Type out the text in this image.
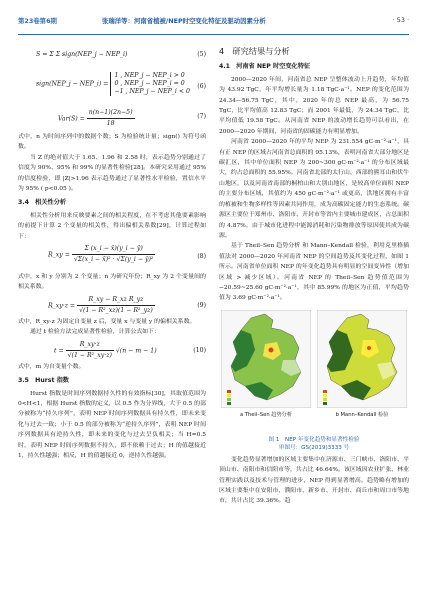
第23卷第6期	张瑞洋等：河南省植被/NEP时空变化特征及驱动因素分析	· 53 ·
S = Σ Σ sign(NEP_j − NEP_i)	(5)
sign(NEP_j − NEP_i) =
1 , NEP_j − NEP_i > 0
0 , NEP_j − NEP_i = 0
−1 , NEP_j − NEP_i < 0
(6)
$Var(S) = \frac{n(n-1)(2n-5)}{18}$	(7)

式中，n 为时间序列中的数据个数；S 为检验统计量；sign() 为符号函数。

当 Z 的绝对值大于 1.65、1.96 和 2.58 时，表示趋势分别通过了信度为 90%、95% 和 99% 的显著性检验[28]。本研究采用通过 95% 的信度检验，即 |Z|>1.96 表示趋势通过了显著性水平检验，置信水平为 95% ( p<0.05 )。

3.4　相关性分析

相关性分析用来反映要素之间的相关程度，在不考虑其他要素影响的前提下计算 2 个变量的相关性，得出偏相关系数[29]，计算过程如下：

R_xy = $\frac{\Sigma (x\_i - x̄)(y\_i - ȳ)}{\text{√Σ(x\_i − x̄)² · √Σ(y\_i − ȳ)²}}$	(8)

式中，x 和 y 分别为 2 个变量；n 为研究年份；R_xy 为 2 个变量间的相关系数。

R_xy·z = $\frac{\text{R\_xy − R\_xz R\_yz}}{\text{√(1 − R²\_xz)(1 − R²\_yz)}}$	(9)

式中，R_xy·z 为固定自变量 z 后，变量 x 与变量 y 的偏相关系数。

通过 t 检验方法完成显著性检验，计算公式如下：

$t = \frac{R\_xy\cdot z}{\text{√(1 − R²\_xy·z)}} √(n - m - 1)$	(10)

式中，m 为自变量个数。

3.5　Hurst 指数

Hurst 指数是时间序列数据持久性的有效指标[30]，其取值范围为 0<H<1，根据 Hurst 指数的定义，以 0.5 作为分界线，大于 0.5 的部分被称为“持久序列”，表明 NEP 时间序列数据具有持久性，即未来变化与过去一致；小于 0.5 的部分被称为“逆持久序列”，表明 NEP 时间序列数据具有逆持久性，即未来的变化与过去呈负相关；当 H=0.5 时，表明 NEP 时间序列数据不持久，即不依赖于过去；H 的值越接近 1，持久性越强；相反，H 的值越接近 0，逆持久性越强。

4　研究结果与分析
4.1　河南省 NEP 时空变化特征

2000—2020 年间，河南省总 NEP 呈整体波动上升趋势，年均值为 43.92 TgC，年平均增长量为 1.18 TgC·a⁻¹。NEP 的变化范围为 24.34—56.75 TgC，其中，2020 年的总 NEP 最高，为 56.75 TgC，比平均值高 12.83 TgC；而 2001 年最低，为 24.34 TgC，比平均值低 19.58 TgC。从河南省 NEP 的波动增长趋势可以看出，在 2000—2020 年期间，河南省的固碳能力有明显增加。

河南省 2000—2020 年的平均 NEP 为 231.554 gC·m⁻²·a⁻¹，具有正 NEP 的区域占河南省总面积的 95.13%，表明河南省大部分地区是碳汇区，其中单位面积 NEP 为 200~300 gC·m⁻²·a⁻¹ 的分布区域最大，约占总面积的 55.95%。河南省北部的太行山、西部的熊耳山和伏牛山地区，以及河南省南部的桐柏山和大别山地区，是较高单位面积 NEP 的主要分布区域，其值约为 450 gC·m⁻²·a⁻¹ 或更高，洪地区拥有丰富的植被和生物多样性等因素共同作用，成为高碳固定能力的生态系统。碳源区主要位于郑州市、洛阳市、开封市等省内主要城市建成区，占总面积的 4.87%，由于城市化进程中能源消耗和污染物排放等原因使其成为碳源。

基于 Theil–Sen 趋势分析 和 Mann–Kendall 检验，利用克里格插值法对 2000—2020 年河南省 NEP 的空间趋势及其变化过程，如图 1 所示。河南省单位面积 NEP 的年变化趋势具有明显的空间变异性（增加区域 > 减少区域）。河南省 NEP 的 Theil–Sen 趋势值范围为 −20.59~25.60 gC·m⁻²·a⁻¹，其中 85.99% 的地区为正值，平均趋势值为 3.69 gC·m⁻²·a⁻¹。

a Theil–Sen 趋势分析	b Mann–Kendall 检验
图 1　NEP 年变化趋势和显著性检验
审图号：GS(2019)3333 号

变化趋势显著增加的区域主要集中在济源市、三门峡市、洛阳市、平顶山市、南阳市和信阳市等，共占比 46.64%。该区域因农业扩张、林业管理实践以及技术与管理的进步，NEP 得到显著增高。趋势略有增加的区域主要集中在安阳市、濮阳市、新乡市、开封市、商丘市和周口市等地市，共计占比 39.36%。趋
